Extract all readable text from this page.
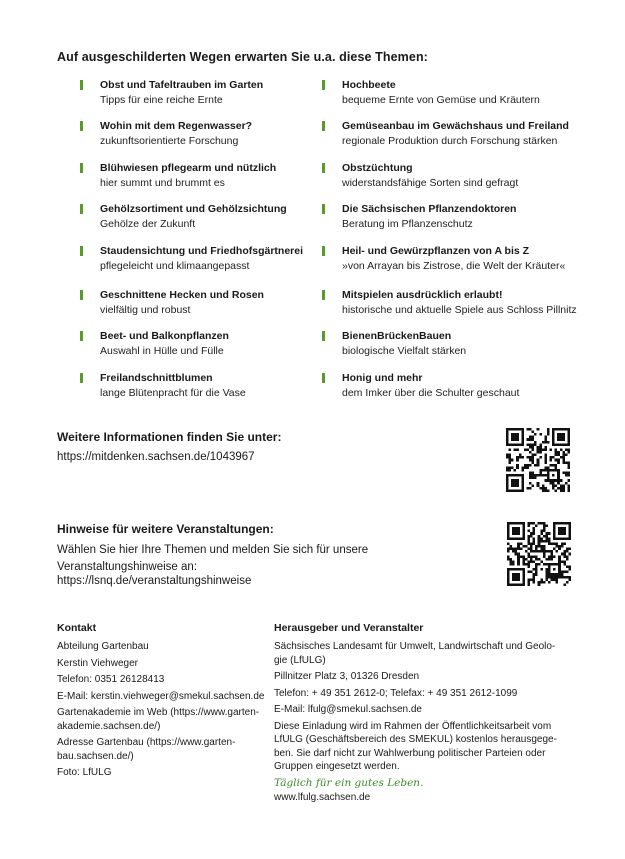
Auf ausgeschilderten Wegen erwarten Sie u.a. diese Themen:
Obst und Tafeltrauben im Garten
Tipps für eine reiche Ernte
Wohin mit dem Regenwasser?
zukunftsorientierte Forschung
Blühwiesen pflegearm und nützlich
hier summt und brummt es
Gehölzsortiment und Gehölzsichtung
Gehölze der Zukunft
Staudensichtung und Friedhofsgärtnerei
pflegeleicht und klimaangepasst
Geschnittene Hecken und Rosen
vielfältig und robust
Beet- und Balkonpflanzen
Auswahl in Hülle und Fülle
Freilandschnittblumen
lange Blütenpracht für die Vase
Hochbeete
bequeme Ernte von Gemüse und Kräutern
Gemüseanbau im Gewächshaus und Freiland
regionale Produktion durch Forschung stärken
Obstzüchtung
widerstandsfähige Sorten sind gefragt
Die Sächsischen Pflanzendoktoren
Beratung im Pflanzenschutz
Heil- und Gewürzpflanzen von A bis Z
»von Arrayan bis Zistrose, die Welt der Kräuter«
Mitspielen ausdrücklich erlaubt!
historische und aktuelle Spiele aus Schloss Pillnitz
BienenBrückenBauen
biologische Vielfalt stärken
Honig und mehr
dem Imker über die Schulter geschaut
Weitere Informationen finden Sie unter:
https://mitdenken.sachsen.de/1043967
Hinweise für weitere Veranstaltungen:
Wählen Sie hier Ihre Themen und melden Sie sich für unsere Veranstaltungshinweise an:
https://lsnq.de/veranstaltungshinweise
Kontakt
Abteilung Gartenbau
Kerstin Viehweger
Telefon: 0351 26128413
E-Mail: kerstin.viehweger@smekul.sachsen.de
Gartenakademie im Web (https://www.garten-
akademie.sachsen.de/)
Adresse Gartenbau (https://www.garten-
bau.sachsen.de/)
Foto: LfULG
Herausgeber und Veranstalter
Sächsisches Landesamt für Umwelt, Landwirtschaft und Geolo-
gie (LfULG)
Pillnitzer Platz 3, 01326 Dresden
Telefon: + 49 351 2612-0; Telefax: + 49 351 2612-1099
E-Mail: lfulg@smekul.sachsen.de
Diese Einladung wird im Rahmen der Öffentlichkeitsarbeit vom
LfULG (Geschäftsbereich des SMEKUL) kostenlos herausgege-
ben. Sie darf nicht zur Wahlwerbung politischer Parteien oder
Gruppen eingesetzt werden.
Täglich für ein gutes Leben.
www.lfulg.sachsen.de
